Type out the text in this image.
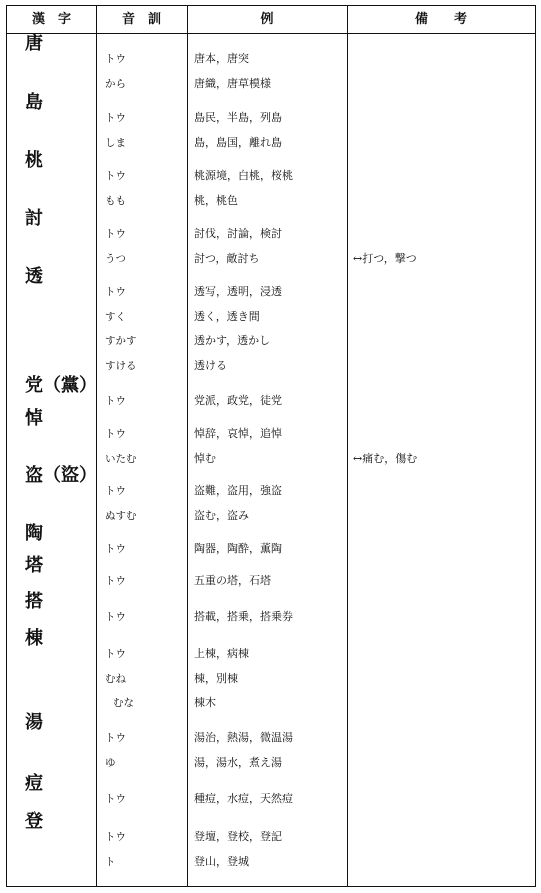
漢　字	音　訓	例	備　　考
唐
トウ	唐本，唐突
から	唐織，唐草模様
島
トウ	島民，半島，列島
しま	島，島国，離れ島
桃
トウ	桃源境，白桃，桜桃
もも	桃，桃色
討
トウ	討伐，討論，検討
うつ	討つ，敵討ち	↔打つ，撃つ
透
トウ	透写，透明，浸透
すく	透く，透き間
すかす	透かす，透かし
すける	透ける
党（黨）
トウ	党派，政党，徒党
悼
トウ	悼辞，哀悼，追悼
いたむ	悼む	↔痛む，傷む
盗（盜）
トウ	盗難，盗用，強盗
ぬすむ	盗む，盗み
陶
トウ	陶器，陶酔，薫陶
塔
トウ	五重の塔，石塔
搭
トウ	搭載，搭乗，搭乗券
棟
トウ	上棟，病棟
むね	棟，別棟
むな	棟木
湯
トウ	湯治，熱湯，微温湯
ゆ	湯，湯水，煮え湯
痘
トウ	種痘，水痘，天然痘
登
トウ	登壇，登校，登記
ト	登山，登城
